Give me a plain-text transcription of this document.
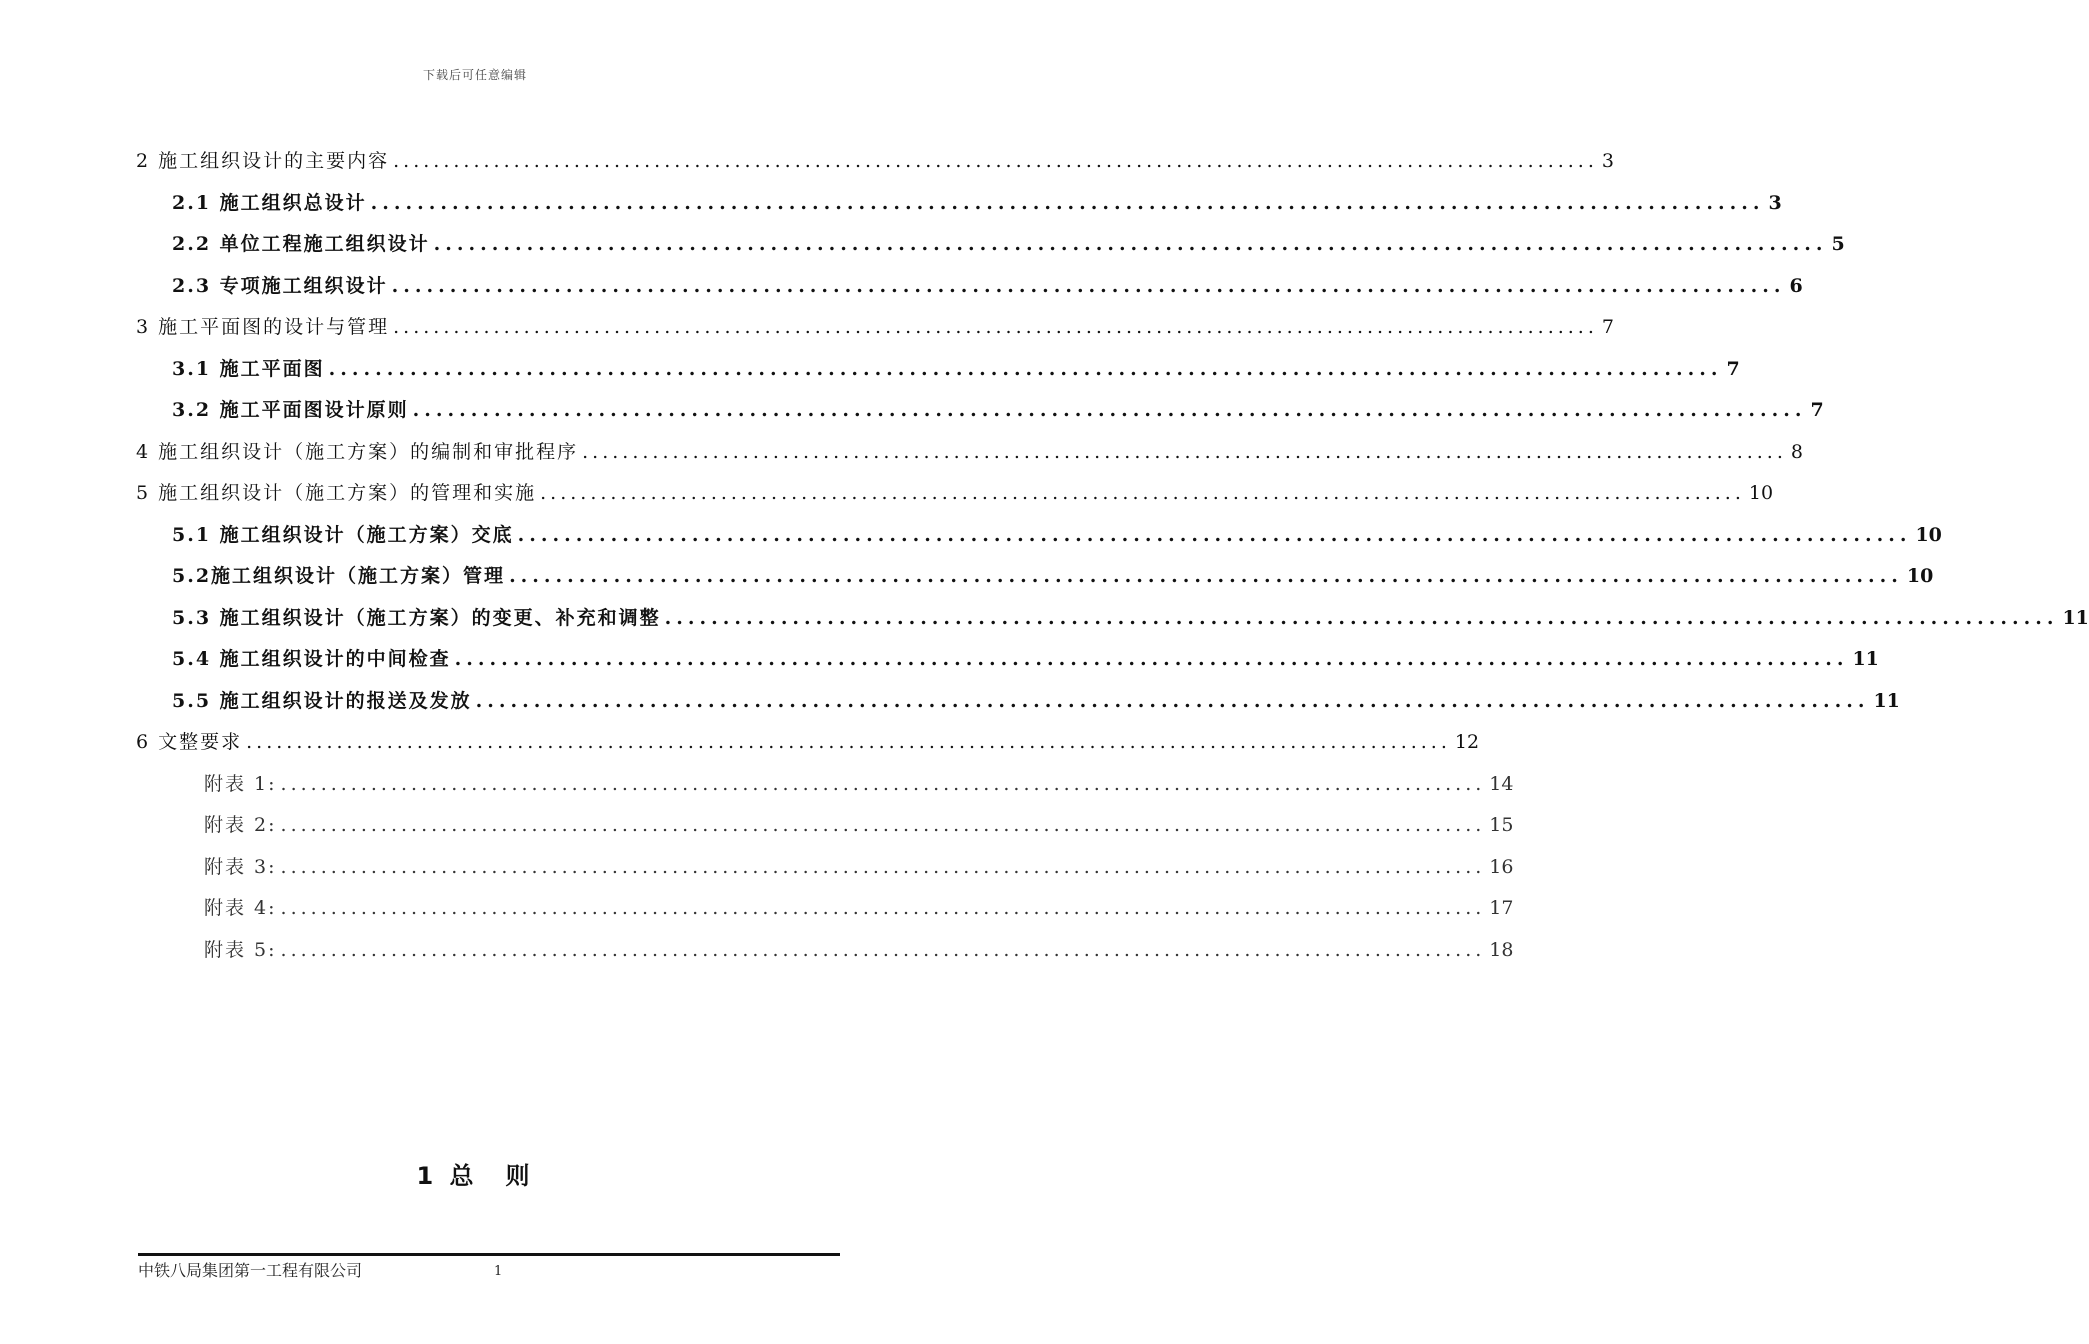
下载后可任意编辑
2 施工组织设计的主要内容 ........................................................................................................................ 3
2.1 施工组织总设计 ........................................................................................................................ 3
2.2 单位工程施工组织设计 ........................................................................................................................ 5
2.3 专项施工组织设计 ........................................................................................................................ 6
3 施工平面图的设计与管理 ........................................................................................................................ 7
3.1 施工平面图 ........................................................................................................................ 7
3.2 施工平面图设计原则 ........................................................................................................................ 7
4 施工组织设计（施工方案）的编制和审批程序 ........................................................................................................................ 8
5 施工组织设计（施工方案）的管理和实施 ........................................................................................................................ 10
5.1 施工组织设计（施工方案）交底 ........................................................................................................................ 10
5.2施工组织设计（施工方案）管理 ........................................................................................................................ 10
5.3 施工组织设计（施工方案）的变更、补充和调整 ........................................................................................................................ 11
5.4 施工组织设计的中间检查 ........................................................................................................................ 11
5.5 施工组织设计的报送及发放 ........................................................................................................................ 11
6 文整要求 ........................................................................................................................ 12
附表 1: ........................................................................................................................ 14
附表 2: ........................................................................................................................ 15
附表 3: ........................................................................................................................ 16
附表 4: ........................................................................................................................ 17
附表 5: ........................................................................................................................ 18
1 总　则
中铁八局集团第一工程有限公司	1
